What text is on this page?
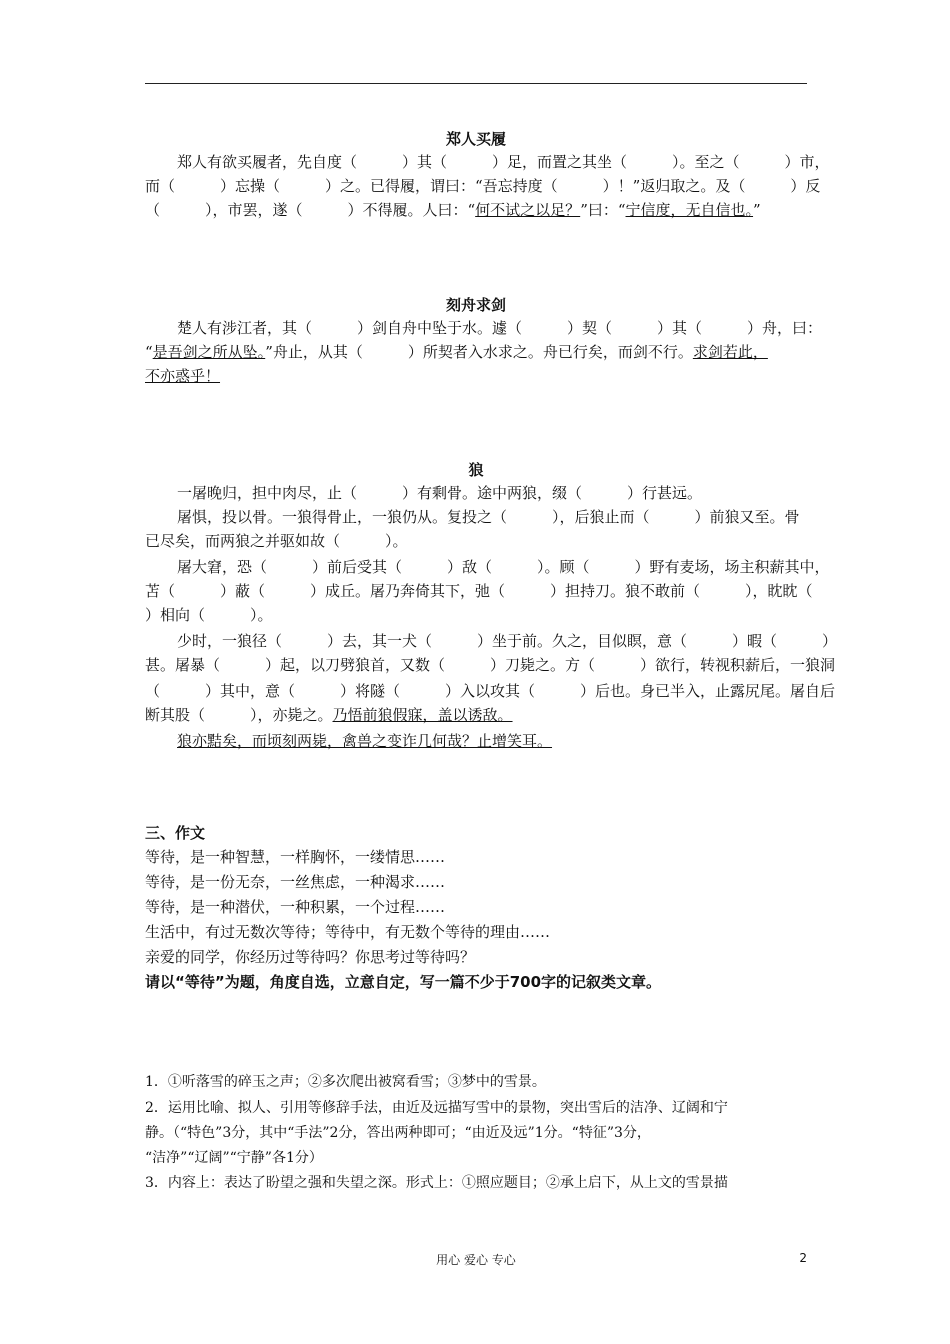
郑人买履
郑人有欲买履者，先自度（　　　）其（　　　）足，而置之其坐（　　　）。至之（　　　）市，
而（　　　）忘操（　　　）之。已得履，谓曰：“吾忘持度（　　　）！”返归取之。及（　　　）反
（　　　），市罢，遂（　　　）不得履。人曰：“何不试之以足？”曰：“宁信度，无自信也。”
刻舟求剑
楚人有涉江者，其（　　　）剑自舟中坠于水。遽（　　　）契（　　　）其（　　　）舟，曰：
“是吾剑之所从坠。”舟止，从其（　　　）所契者入水求之。舟已行矣，而剑不行。求剑若此，
不亦惑乎！
狼
一屠晚归，担中肉尽，止（　　　）有剩骨。途中两狼，缀（　　　）行甚远。
屠惧，投以骨。一狼得骨止，一狼仍从。复投之（　　　），后狼止而（　　　）前狼又至。骨
已尽矣，而两狼之并驱如故（　　　）。
屠大窘，恐（　　　）前后受其（　　　）敌（　　　）。顾（　　　）野有麦场，场主积薪其中，
苫（　　　）蔽（　　　）成丘。屠乃奔倚其下，弛（　　　）担持刀。狼不敢前（　　　），眈眈（
）相向（　　　）。
少时，一狼径（　　　）去，其一犬（　　　）坐于前。久之，目似瞑，意（　　　）暇（　　　）
甚。屠暴（　　　）起，以刀劈狼首，又数（　　　）刀毙之。方（　　　）欲行，转视积薪后，一狼洞
（　　　）其中，意（　　　）将隧（　　　）入以攻其（　　　）后也。身已半入，止露尻尾。屠自后
断其股（　　　），亦毙之。乃悟前狼假寐，盖以诱敌。
狼亦黠矣，而顷刻两毙，禽兽之变诈几何哉？止增笑耳。
三、作文
等待，是一种智慧，一样胸怀，一缕情思……
等待，是一份无奈，一丝焦虑，一种渴求……
等待，是一种潜伏，一种积累，一个过程……
生活中，有过无数次等待；等待中，有无数个等待的理由……
亲爱的同学，你经历过等待吗？你思考过等待吗？
请以“等待”为题，角度自选，立意自定，写一篇不少于700字的记叙类文章。
1．①听落雪的碎玉之声；②多次爬出被窝看雪；③梦中的雪景。
2．运用比喻、拟人、引用等修辞手法，由近及远描写雪中的景物，突出雪后的洁净、辽阔和宁
静。（“特色”3分，其中“手法”2分，答出两种即可；“由近及远”1分。“特征”3分，
“洁净”“辽阔”“宁静”各1分）
3．内容上：表达了盼望之强和失望之深。形式上：①照应题目；②承上启下，从上文的雪景描
用心 爱心 专心	2
